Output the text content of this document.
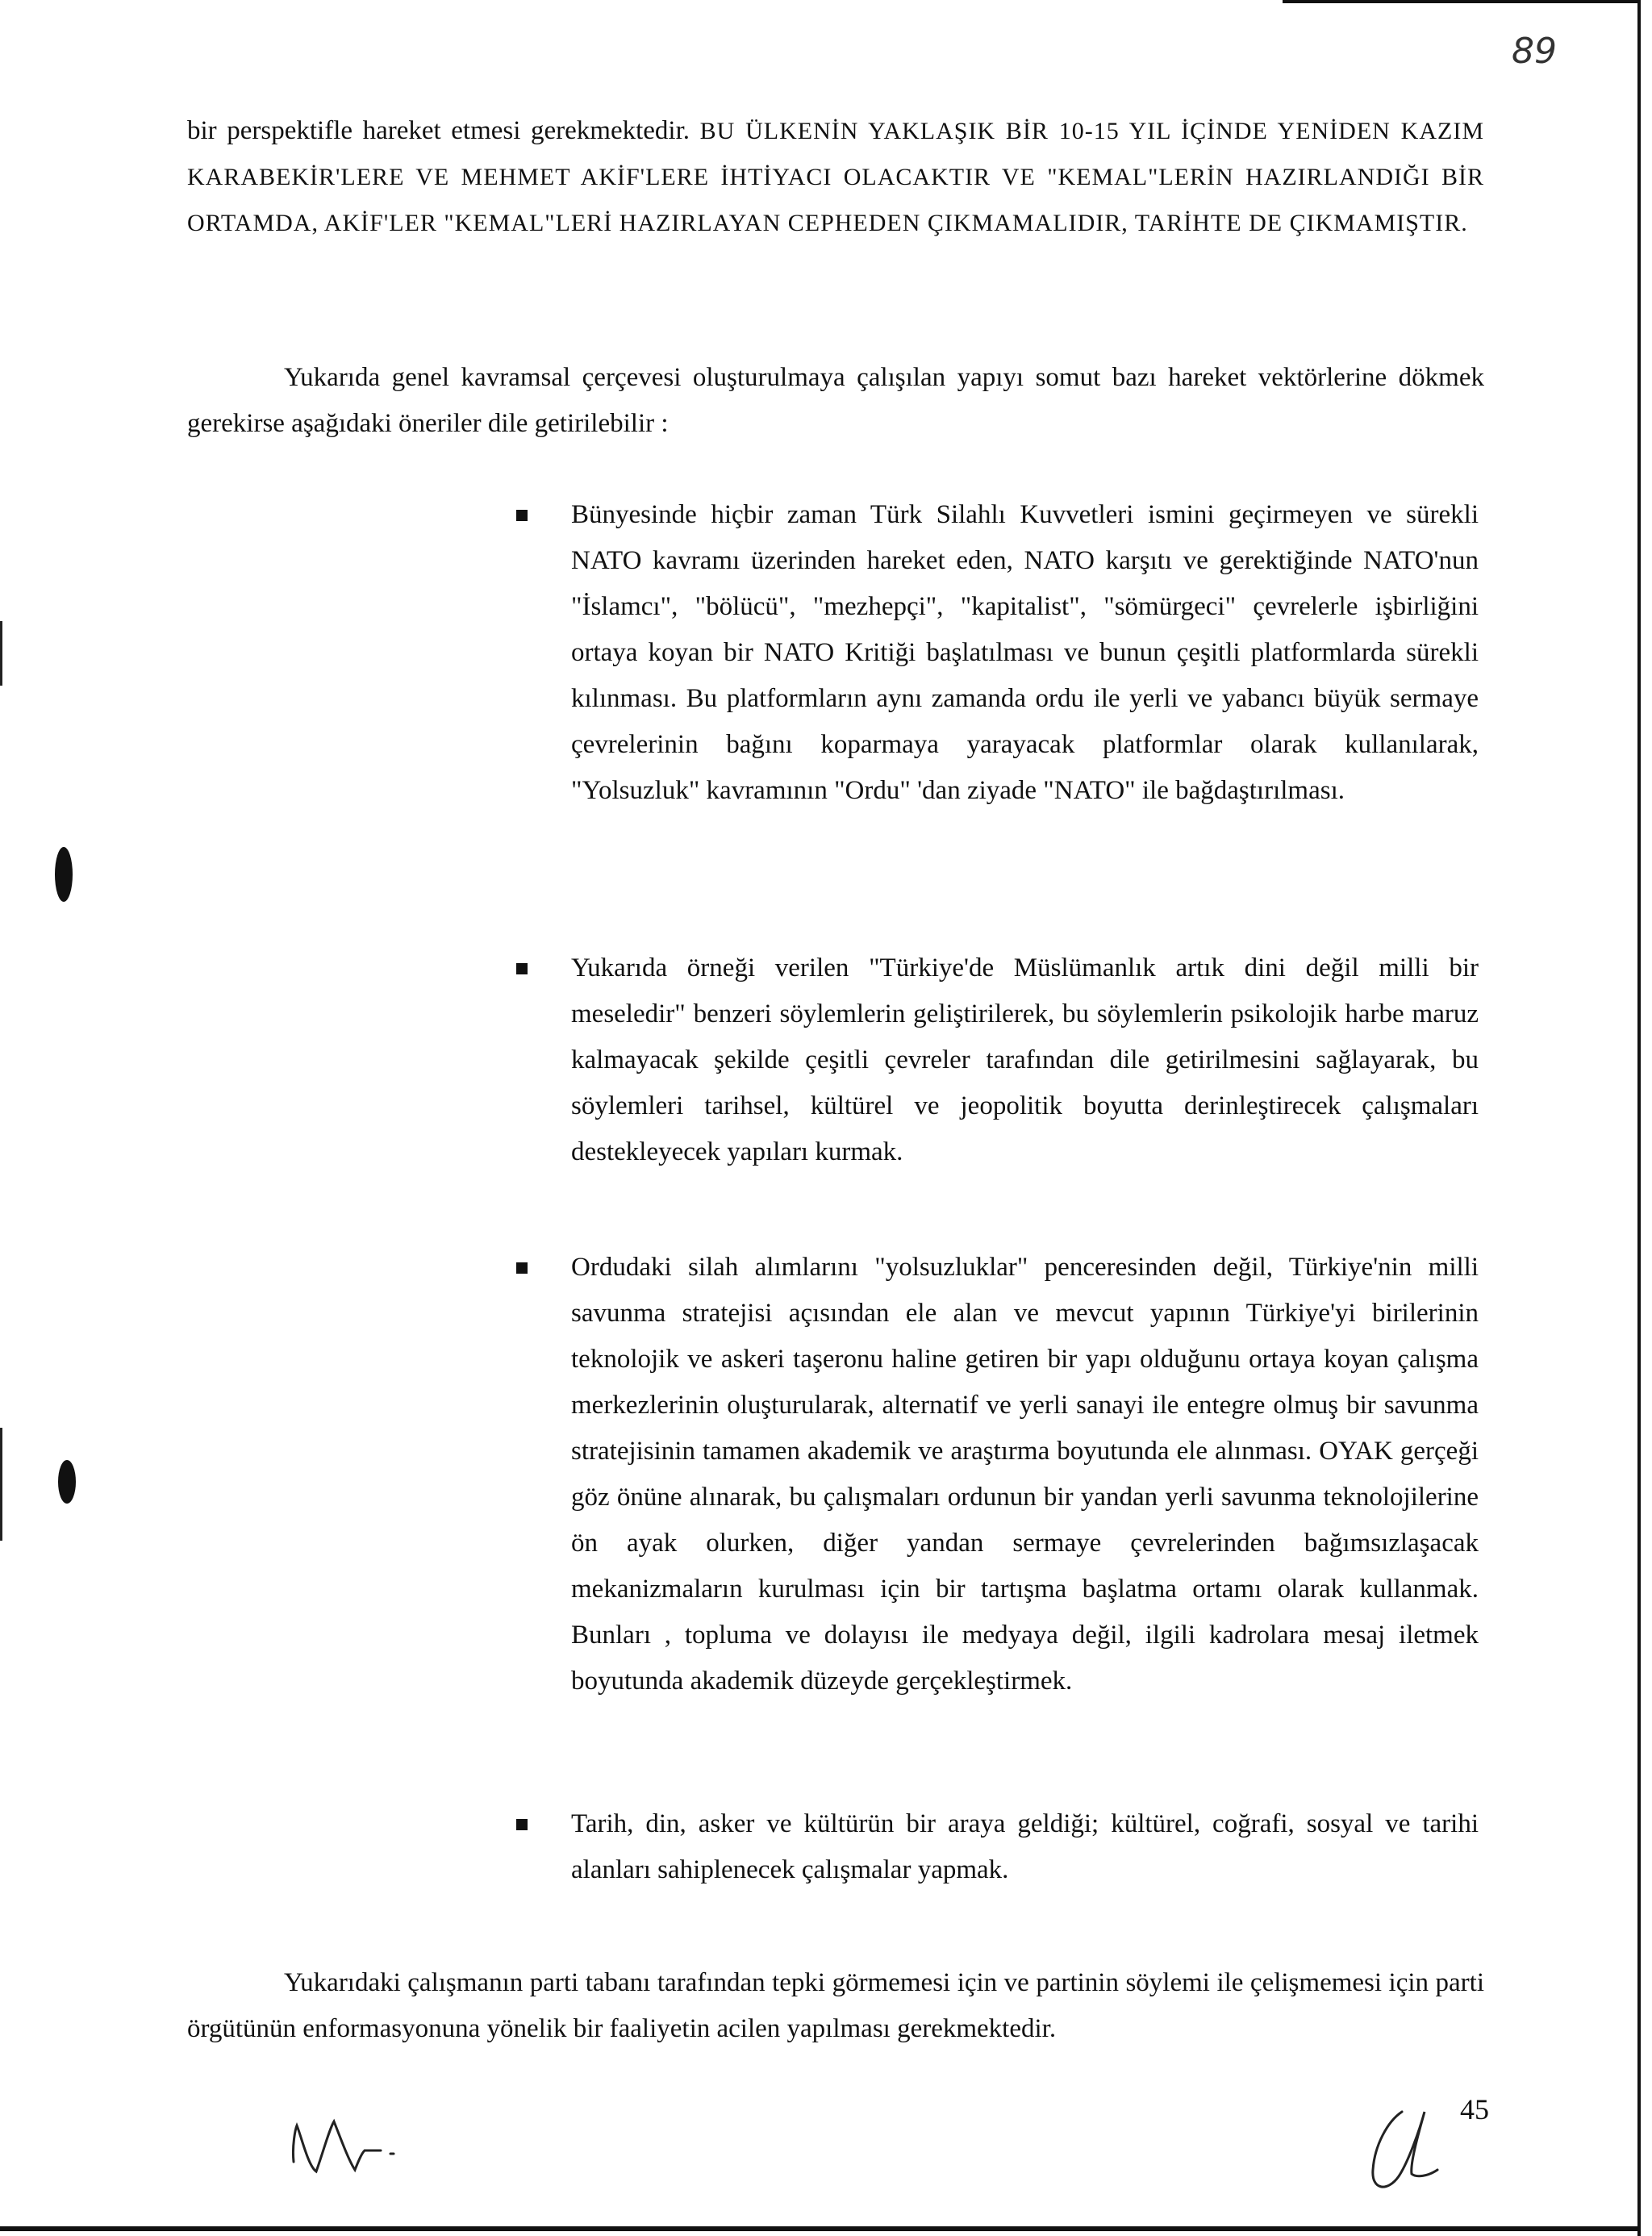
89
bir perspektifle hareket etmesi gerekmektedir. BU ÜLKENİN YAKLAŞIK BİR 10-15 YIL İÇİNDE YENİDEN KAZIM KARABEKİR'LERE VE MEHMET AKİF'LERE İHTİYACI OLACAKTIR VE "KEMAL"LERİN HAZIRLANDIĞI BİR ORTAMDA, AKİF'LER "KEMAL"LERİ HAZIRLAYAN CEPHEDEN ÇIKMAMALIDIR, TARİHTE DE ÇIKMAMIŞTIR.
Yukarıda genel kavramsal çerçevesi oluşturulmaya çalışılan yapıyı somut bazı hareket vektörlerine dökmek gerekirse aşağıdaki öneriler dile getirilebilir :
Bünyesinde hiçbir zaman Türk Silahlı Kuvvetleri ismini geçirmeyen ve sürekli NATO kavramı üzerinden hareket eden, NATO karşıtı ve gerektiğinde NATO'nun "İslamcı", "bölücü", "mezhepçi", "kapitalist", "sömürgeci" çevrelerle işbirliğini ortaya koyan bir NATO Kritiği başlatılması ve bunun çeşitli platformlarda sürekli kılınması. Bu platformların aynı zamanda ordu ile yerli ve yabancı büyük sermaye çevrelerinin bağını koparmaya yarayacak platformlar olarak kullanılarak, "Yolsuzluk" kavramının "Ordu" 'dan ziyade "NATO" ile bağdaştırılması.
Yukarıda örneği verilen "Türkiye'de Müslümanlık artık dini değil milli bir meseledir" benzeri söylemlerin geliştirilerek, bu söylemlerin psikolojik harbe maruz kalmayacak şekilde çeşitli çevreler tarafından dile getirilmesini sağlayarak, bu söylemleri tarihsel, kültürel ve jeopolitik boyutta derinleştirecek çalışmaları destekleyecek yapıları kurmak.
Ordudaki silah alımlarını "yolsuzluklar" penceresinden değil, Türkiye'nin milli savunma stratejisi açısından ele alan ve mevcut yapının Türkiye'yi birilerinin teknolojik ve askeri taşeronu haline getiren bir yapı olduğunu ortaya koyan çalışma merkezlerinin oluşturularak, alternatif ve yerli sanayi ile entegre olmuş bir savunma stratejisinin tamamen akademik ve araştırma boyutunda ele alınması. OYAK gerçeği göz önüne alınarak, bu çalışmaları ordunun bir yandan yerli savunma teknolojilerine ön ayak olurken, diğer yandan sermaye çevrelerinden bağımsızlaşacak mekanizmaların kurulması için bir tartışma başlatma ortamı olarak kullanmak. Bunları , topluma ve dolayısı ile medyaya değil, ilgili kadrolara mesaj iletmek boyutunda akademik düzeyde gerçekleştirmek.
Tarih, din, asker ve kültürün bir araya geldiği; kültürel, coğrafi, sosyal ve tarihi alanları sahiplenecek çalışmalar yapmak.
Yukarıdaki çalışmanın parti tabanı tarafından tepki görmemesi için ve partinin söylemi ile çelişmemesi için parti örgütünün enformasyonuna yönelik bir faaliyetin acilen yapılması gerekmektedir.
45
